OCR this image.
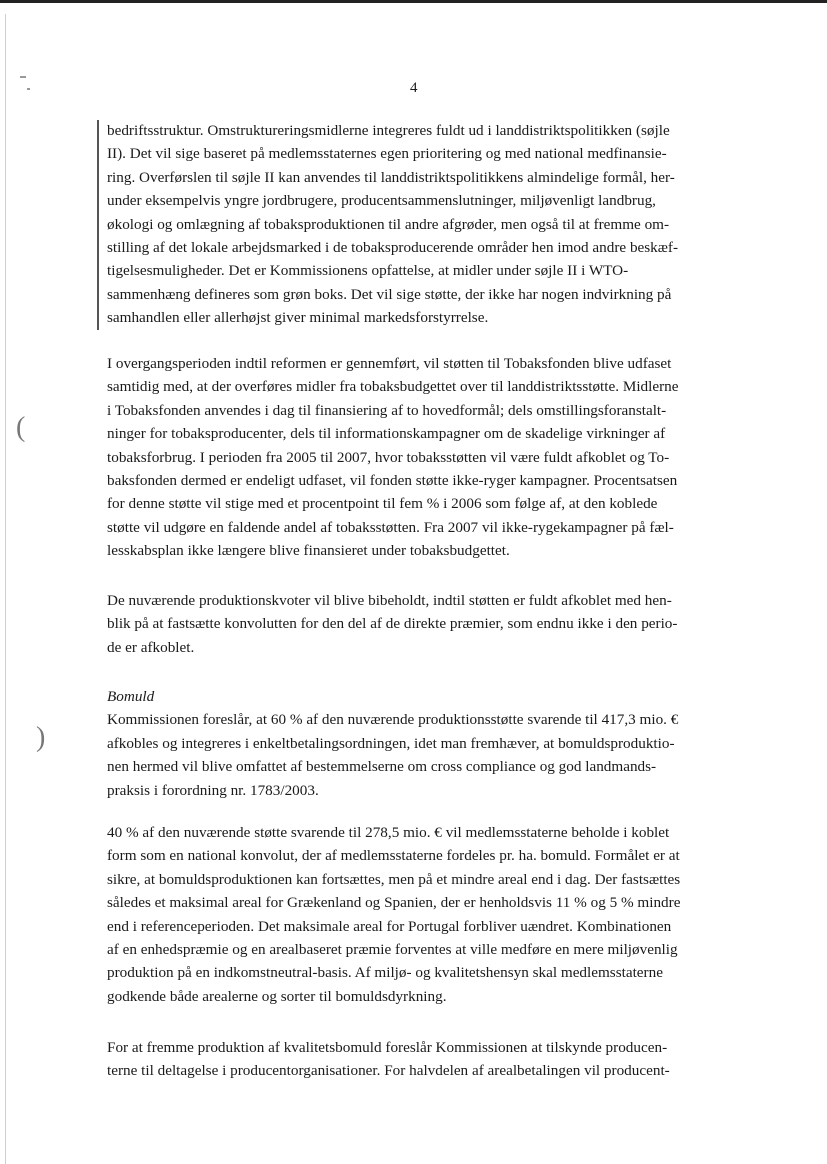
(
)
4
bedriftsstruktur. Omstruktureringsmidlerne integreres fuldt ud i landdistriktspolitikken (søjle
II). Det vil sige baseret på medlemsstaternes egen prioritering og med national medfinansie-
ring. Overførslen til søjle II kan anvendes til landdistriktspolitikkens almindelige formål, her-
under eksempelvis yngre jordbrugere, producentsammenslutninger, miljøvenligt landbrug,
økologi og omlægning af tobaksproduktionen til andre afgrøder, men også til at fremme om-
stilling af det lokale arbejdsmarked i de tobaksproducerende områder hen imod andre beskæf-
tigelsesmuligheder. Det er Kommissionens opfattelse, at midler under søjle II i WTO-
sammenhæng defineres som grøn boks. Det vil sige støtte, der ikke har nogen indvirkning på
samhandlen eller allerhøjst giver minimal markedsforstyrrelse.
I overgangsperioden indtil reformen er gennemført, vil støtten til Tobaksfonden blive udfaset
samtidig med, at der overføres midler fra tobaksbudgettet over til landdistriktsstøtte. Midlerne
i Tobaksfonden anvendes i dag til finansiering af to hovedformål; dels omstillingsforanstalt-
ninger for tobaksproducenter, dels til informationskampagner om de skadelige virkninger af
tobaksforbrug. I perioden fra 2005 til 2007, hvor tobaksstøtten vil være fuldt afkoblet og To-
baksfonden dermed er endeligt udfaset, vil fonden støtte ikke-ryger kampagner. Procentsatsen
for denne støtte vil stige med et procentpoint til fem % i 2006 som følge af, at den koblede
støtte vil udgøre en faldende andel af tobaksstøtten. Fra 2007 vil ikke-rygekampagner på fæl-
lesskabsplan ikke længere blive finansieret under tobaksbudgettet.
De nuværende produktionskvoter vil blive bibeholdt, indtil støtten er fuldt afkoblet med hen-
blik på at fastsætte konvolutten for den del af de direkte præmier, som endnu ikke i den perio-
de er afkoblet.
Bomuld
Kommissionen foreslår, at 60 % af den nuværende produktionsstøtte svarende til 417,3 mio. €
afkobles og integreres i enkeltbetalingsordningen, idet man fremhæver, at bomuldsproduktio-
nen hermed vil blive omfattet af bestemmelserne om cross compliance og god landmands-
praksis i forordning nr. 1783/2003.
40 % af den nuværende støtte svarende til 278,5 mio. € vil medlemsstaterne beholde i koblet
form som en national konvolut, der af medlemsstaterne fordeles pr. ha. bomuld. Formålet er at
sikre, at bomuldsproduktionen kan fortsættes, men på et mindre areal end i dag. Der fastsættes
således et maksimal areal for Grækenland og Spanien, der er henholdsvis 11 % og 5 % mindre
end i referenceperioden. Det maksimale areal for Portugal forbliver uændret. Kombinationen
af en enhedspræmie og en arealbaseret præmie forventes at ville medføre en mere miljøvenlig
produktion på en indkomstneutral-basis. Af miljø- og kvalitetshensyn skal medlemsstaterne
godkende både arealerne og sorter til bomuldsdyrkning.
For at fremme produktion af kvalitetsbomuld foreslår Kommissionen at tilskynde producen-
terne til deltagelse i producentorganisationer. For halvdelen af arealbetalingen vil producent-
